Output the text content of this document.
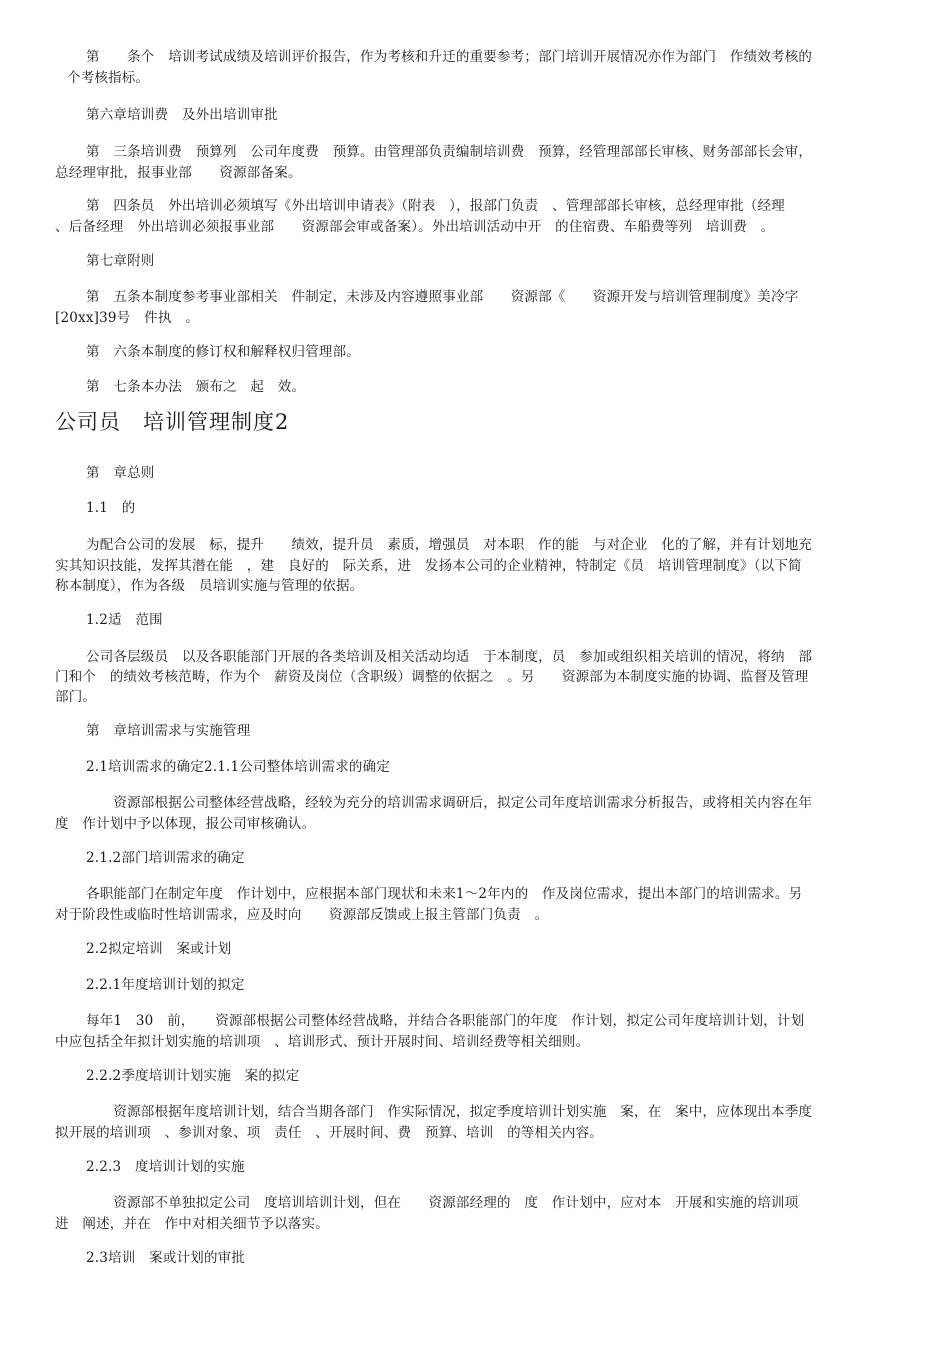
第　　条个　培训考试成绩及培训评价报告，作为考核和升迁的重要参考；部门培训开展情况亦作为部门　作绩效考核的
个考核指标。
第六章培训费　及外出培训审批
第　三条培训费　预算列　公司年度费　预算。由管理部负责编制培训费　预算，经管理部部长审核、财务部部长会审，
总经理审批，报事业部　　资源部备案。
第　四条员　外出培训必须填写《外出培训申请表》（附表　），报部门负责　、管理部部长审核，总经理审批（经理
、后备经理　外出培训必须报事业部　　资源部会审或备案）。外出培训活动中开　的住宿费、车船费等列　培训费　。
第七章附则
第　五条本制度参考事业部相关　件制定，未涉及内容遵照事业部　　资源部《　　资源开发与培训管理制度》美冷字
[20xx]39号　件执　。
第　六条本制度的修订权和解释权归管理部。
第　七条本办法　颁布之　起　效。
公司员　培训管理制度2
第　章总则
1.1　的
为配合公司的发展　标，提升　　绩效，提升员　素质，增强员　对本职　作的能　与对企业　化的了解，并有计划地充
实其知识技能，发挥其潜在能　，建　良好的　际关系，进　发扬本公司的企业精神，特制定《员　培训管理制度》（以下简
称本制度），作为各级　员培训实施与管理的依据。
1.2适　范围
公司各层级员　以及各职能部门开展的各类培训及相关活动均适　于本制度，员　参加或组织相关培训的情况，将纳　部
门和个　的绩效考核范畴，作为个　薪资及岗位（含职级）调整的依据之　。另　　资源部为本制度实施的协调、监督及管理
部门。
第　章培训需求与实施管理
2.1培训需求的确定2.1.1公司整体培训需求的确定
　　资源部根据公司整体经营战略，经较为充分的培训需求调研后，拟定公司年度培训需求分析报告，或将相关内容在年
度　作计划中予以体现，报公司审核确认。
2.1.2部门培训需求的确定
各职能部门在制定年度　作计划中，应根据本部门现状和未来1～2年内的　作及岗位需求，提出本部门的培训需求。另
对于阶段性或临时性培训需求，应及时向　　资源部反馈或上报主管部门负责　。
2.2拟定培训　案或计划
2.2.1年度培训计划的拟定
每年1　30　前，　　资源部根据公司整体经营战略，并结合各职能部门的年度　作计划，拟定公司年度培训计划，计划
中应包括全年拟计划实施的培训项　、培训形式、预计开展时间、培训经费等相关细则。
2.2.2季度培训计划实施　案的拟定
　　资源部根据年度培训计划，结合当期各部门　作实际情况，拟定季度培训计划实施　案，在　案中，应体现出本季度
拟开展的培训项　、参训对象、项　责任　、开展时间、费　预算、培训　的等相关内容。
2.2.3　度培训计划的实施
　　资源部不单独拟定公司　度培训培训计划，但在　　资源部经理的　度　作计划中，应对本　开展和实施的培训项
进　阐述，并在　作中对相关细节予以落实。
2.3培训　案或计划的审批
